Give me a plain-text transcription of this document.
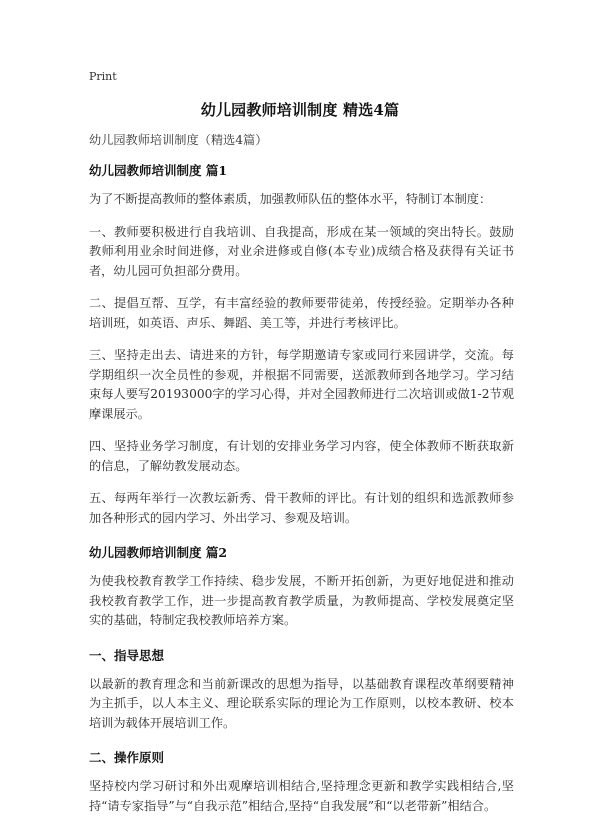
Print
幼儿园教师培训制度 精选4篇
幼儿园教师培训制度（精选4篇）
幼儿园教师培训制度 篇1

为了不断提高教师的整体素质，加强教师队伍的整体水平，特制订本制度：

一、教师要积极进行自我培训、自我提高，形成在某一领域的突出特长。鼓励教师利用业余时间进修，对业余进修或自修(本专业)成绩合格及获得有关证书者，幼儿园可负担部分费用。

二、提倡互帮、互学，有丰富经验的教师要带徒弟，传授经验。定期举办各种培训班，如英语、声乐、舞蹈、美工等，并进行考核评比。

三、坚持走出去、请进来的方针，每学期邀请专家或同行来园讲学，交流。每学期组织一次全员性的参观，并根据不同需要，送派教师到各地学习。学习结束每人要写20193000字的学习心得，并对全园教师进行二次培训或做1-2节观摩课展示。

四、坚持业务学习制度，有计划的安排业务学习内容，使全体教师不断获取新的信息，了解幼教发展动态。

五、每两年举行一次教坛新秀、骨干教师的评比。有计划的组织和选派教师参加各种形式的园内学习、外出学习、参观及培训。

幼儿园教师培训制度 篇2

为使我校教育教学工作持续、稳步发展，不断开拓创新，为更好地促进和推动我校教育教学工作，进一步提高教育教学质量，为教师提高、学校发展奠定坚实的基础，特制定我校教师培养方案。

一、指导思想

以最新的教育理念和当前新课改的思想为指导，以基础教育课程改革纲要精神为主抓手，以人本主义、理论联系实际的理论为工作原则，以校本教研、校本培训为载体开展培训工作。

二、操作原则

坚持校内学习研讨和外出观摩培训相结合,坚持理念更新和教学实践相结合,坚持“请专家指导”与“自我示范”相结合,坚持“自我发展”和“以老带新”相结合。
